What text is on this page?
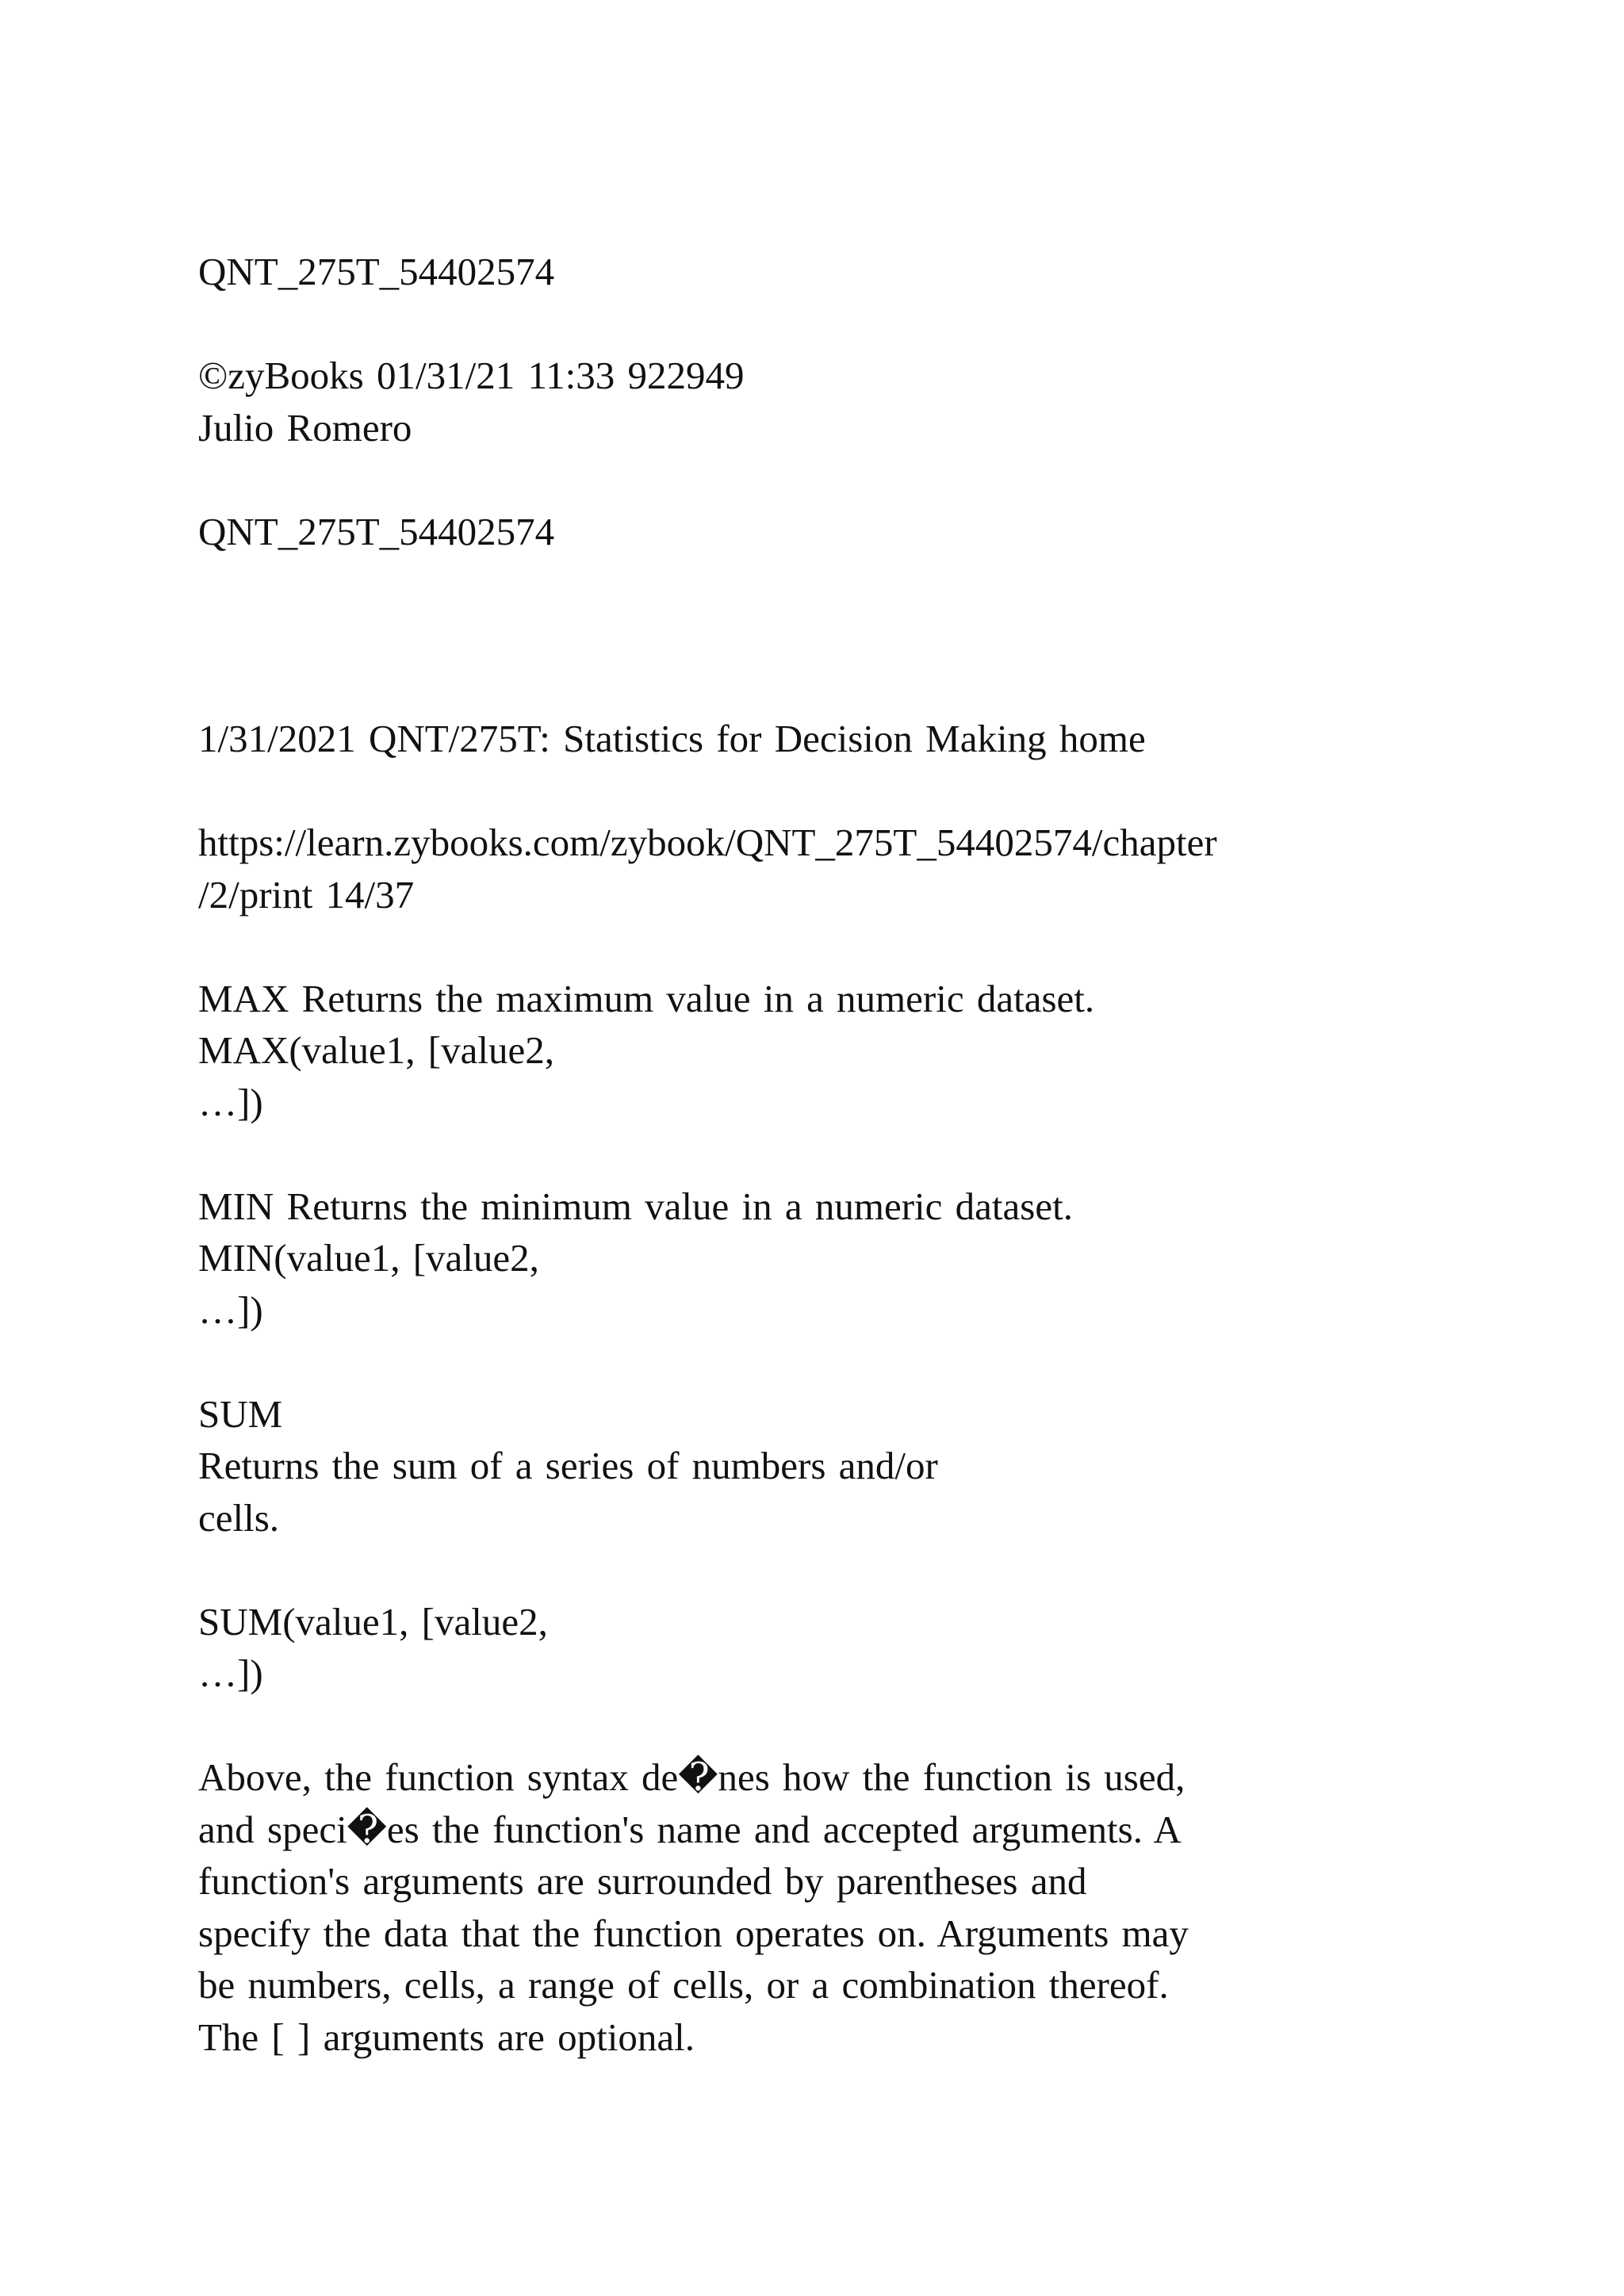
QNT_275T_54402574

©zyBooks 01/31/21 11:33 922949
Julio Romero

QNT_275T_54402574

1/31/2021 QNT/275T: Statistics for Decision Making home

https://learn.zybooks.com/zybook/QNT_275T_54402574/chapter
/2/print 14/37

MAX Returns the maximum value in a numeric dataset.
MAX(value1, [value2,
…])

MIN Returns the minimum value in a numeric dataset.
MIN(value1, [value2,
…])

SUM
Returns the sum of a series of numbers and/or
cells.

SUM(value1, [value2,
…])

Above, the function syntax de�nes how the function is used,
and speci�es the function's name and accepted arguments. A
function's arguments are surrounded by parentheses and
specify the data that the function operates on. Arguments may
be numbers, cells, a range of cells, or a combination thereof.
The [ ] arguments are optional.
